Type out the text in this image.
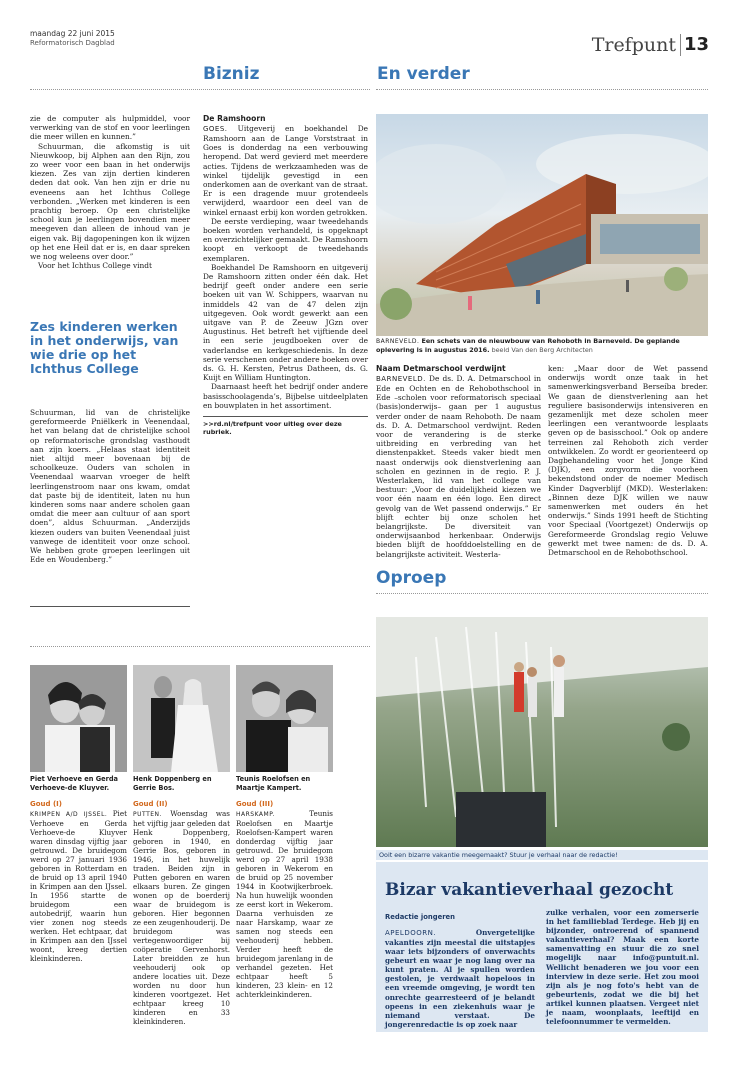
maandag 22 juni 2015
Reformatorisch Dagblad	Trefpunt 13
Bizniz	En verder

zie de computer als hulpmiddel, voor verwerking van de stof en voor leerlingen die meer willen en kunnen.”

Schuurman, die afkomstig is uit Nieuwkoop, bij Alphen aan den Rijn, zou zo weer voor een baan in het onderwijs kiezen. Zes van zijn dertien kinderen deden dat ook. Van hen zijn er drie nu eveneens aan het Ichthus College verbonden. „Werken met kinderen is een prachtig beroep. Op een christelijke school kun je leerlingen bovendien meer meegeven dan alleen de inhoud van je eigen vak. Bij dagopeningen kon ik wijzen op het ene Heil dat er is, en daar spreken we nog weleens over door.”

Voor het Ichthus College vindt

Zes kinderen werken in het onderwijs, van wie drie op het Ichthus College

Schuurman, lid van de christelijke gereformeerde Pniëlkerk in Veenendaal, het van belang dat de christelijke school op reformatorische grondslag vasthoudt aan zijn koers. „Helaas staat identiteit niet altijd meer bovenaan bij de schoolkeuze. Ouders van scholen in Veenendaal waarvan vroeger de helft leerlingenstroom naar ons kwam, omdat dat paste bij de identiteit, laten nu hun kinderen soms naar andere scholen gaan omdat die meer aan cultuur of aan sport doen”, aldus Schuurman. „Anderzijds kiezen ouders van buiten Veenendaal juist vanwege de identiteit voor onze school. We hebben grote groepen leerlingen uit Ede en Woudenberg.”

De Ramshoorn

GOES. Uitgeverij en boekhandel De Ramshoorn aan de Lange Vorststraat in Goes is donderdag na een verbouwing heropend. Dat werd gevierd met meerdere acties. Tijdens de werkzaamheden was de winkel tijdelijk gevestigd in een onderkomen aan de overkant van de straat. Er is een dragende muur grotendeels verwijderd, waardoor een deel van de winkel ernaast erbij kon worden getrokken.

De eerste verdieping, waar tweedehands boeken worden verhandeld, is opgeknapt en overzichtelijker gemaakt. De Ramshoorn koopt en verkoopt de tweedehands exemplaren.

Boekhandel De Ramshoorn en uitgeverij De Ramshoorn zitten onder één dak. Het bedrijf geeft onder andere een serie boeken uit van W. Schippers, waarvan nu inmiddels 42 van de 47 delen zijn uitgegeven. Ook wordt gewerkt aan een uitgave van P. de Zeeuw JGzn over Augustinus. Het betreft het vijftiende deel in een serie jeugdboeken over de vaderlandse en kerkgeschiedenis. In deze serie verschenen onder andere boeken over ds. G. H. Kersten, Petrus Datheen, ds. G. Kuijt en William Huntington.

Daarnaast heeft het bedrijf onder andere basisschoolagenda’s, Bijbelse uitdeelplaten en bouwplaten in het assortiment.

>>rd.nl/trefpunt voor uitleg over deze rubriek.
BARNEVELD. Een schets van de nieuwbouw van Rehoboth in Barneveld. De geplande oplevering is in augustus 2016. beeld Van den Berg Architecten
Naam Detmarschool verdwijnt

BARNEVELD. De ds. D. A. Detmarschool in Ede en Ochten en de Rehobothschool in Ede –scholen voor reformatorisch speciaal (basis)onderwijs– gaan per 1 augustus verder onder de naam Rehoboth. De naam ds. D. A. Detmarschool verdwijnt. Reden voor de verandering is de sterke uitbreiding en verbreding van het dienstenpakket. Steeds vaker biedt men naast onderwijs ook dienstverlening aan scholen en gezinnen in de regio. P. J. Westerlaken, lid van het college van bestuur: „Voor de duidelijkheid kiezen we voor één naam en één logo. Een direct gevolg van de Wet passend onderwijs.” Er blijft echter bij onze scholen het belangrijkste. De diversiteit van onderwijsaanbod herkenbaar. Onderwijs bieden blijft de hoofddoelstelling en de belangrijkste activiteit. Westerla-

ken: „Maar door de Wet passend onderwijs wordt onze taak in het samenwerkingsverband Berseíba breder. We gaan de dienstverlening aan het reguliere basisonderwijs intensiveren en gezamenlijk met deze scholen meer leerlingen een verantwoorde lesplaats geven op de basisschool.” Ook op andere terreinen zal Rehoboth zich verder ontwikkelen. Zo wordt er georienteerd op Dagbehandeling voor het Jonge Kind (DJK), een zorgvorm die voorheen bekendstond onder de noemer Medisch Kinder Dagverblijf (MKD). Westerlaken: „Binnen deze DJK willen we nauw samenwerken met ouders én het onderwijs.” Sinds 1991 heeft de Stichting voor Speciaal (Voortgezet) Onderwijs op Gereformeerde Grondslag regio Veluwe gewerkt met twee namen: de ds. D. A. Detmarschool en de Rehobothschool.

Oproep
Ooit een bizarre vakantie meegemaakt? Stuur je verhaal naar de redactie!
Bizar vakantieverhaal gezocht
Redactie jongeren
APELDOORN.	Onvergetelijke vakanties zijn meestal die uitstapjes waar iets bijzonders of onverwachts gebeurt en waar je nog lang over na kunt praten. Al je spullen worden gestolen, je verdwaalt hopeloos in een vreemde omgeving, je wordt ten onrechte gearresteerd of je belandt opeens in een ziekenhuis waar je niemand verstaat. De jongerenredactie is op zoek naar
zulke verhalen, voor een zomerserie in het familieblad Terdege. Heb jij en bijzonder, ontroerend of spannend vakantieverhaal? Maak een korte samenvatting en stuur die zo snel mogelijk naar info@puntuit.nl. Wellicht benaderen we jou voor een interview in deze serie. Het zou mooi zijn als je nog foto's hebt van de gebeurtenis, zodat we die bij het artikel kunnen plaatsen. Vergeet niet je naam, woonplaats, leeftijd en telefoonnummer te vermelden.
Piet Verhoeve en Gerda Verhoeve-de Kluyver.
Goud (I)

KRIMPEN A/D IJSSEL. Piet Verhoeve en Gerda Verhoeve-de Kluyver waren dinsdag vijftig jaar getrouwd. De bruidegom werd op 27 januari 1936 geboren in Rotterdam en de bruid op 13 april 1940 in Krimpen aan den IJssel. In 1956 startte de bruidegom een autobedrijf, waarin hun vier zonen nog steeds werken. Het echtpaar, dat in Krimpen aan den IJssel woont, kreeg dertien kleinkinderen.

Henk Doppenberg en Gerrie Bos.
Goud (II)

PUTTEN. Woensdag was het vijftig jaar geleden dat Henk Doppenberg, geboren in 1940, en Gerrie Bos, geboren in 1946, in het huwelijk traden. Beiden zijn in Putten geboren en waren elkaars buren. Ze gingen wonen op de boerderij waar de bruidegom is geboren. Hier begonnen ze een zeugenhouderij. De bruidegom was vertegenwoordiger bij coöperatie Gervenhorst. Later breidden ze hun veehouderij ook op andere locaties uit. Deze worden nu door hun kinderen voortgezet. Het echtpaar kreeg 10 kinderen en 33 kleinkinderen.

Teunis Roelofsen en Maartje Kampert.
Goud (III)

HARSKAMP.	Teunis Roelofsen en Maartje Roelofsen-Kampert waren donderdag vijftig jaar getrouwd. De bruidegom werd op 27 april 1938 geboren in Wekerom en de bruid op 25 november 1944 in Kootwijkerbroek. Na hun huwelijk woonden ze eerst kort in Wekerom. Daarna verhuisden ze naar Harskamp, waar ze samen nog steeds een veehouderij hebben. Verder heeft de bruidegom jarenlang in de verhandel gezeten. Het echtpaar heeft 5 kinderen, 23 klein- en 12 achterkleinkinderen.
